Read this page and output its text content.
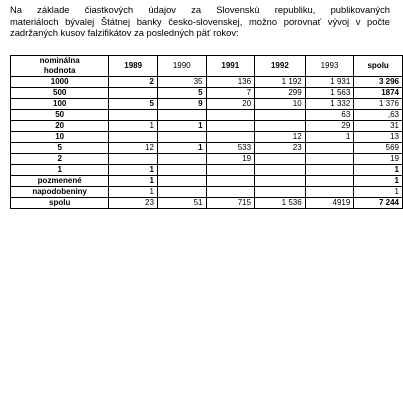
Na základe čiastkových údajov za Slovenskú republiku, publikovaných
materiáloch bývalej Štátnej banky česko-slovenskej, možno porovnať vývoj v počte
zadržaných kusov falzifikátov za posledných päť rokov:

nominálna	1989	1990	1991	1992	1993	spolu
hodnota						
1000	2	35	136	1 192	1 931	3 296
500		5	7	299	1 563	1874
100	5	9	20	10	1 332	1 376
50					63	,63
20	1	1			29	31
10				12	1	13
5	12	1	533	23		569
2			19			19
1	1					1
pozmenené	1					1
napodobeniny	1					1
spolu	23	51	715	1 536	4919	7 244
